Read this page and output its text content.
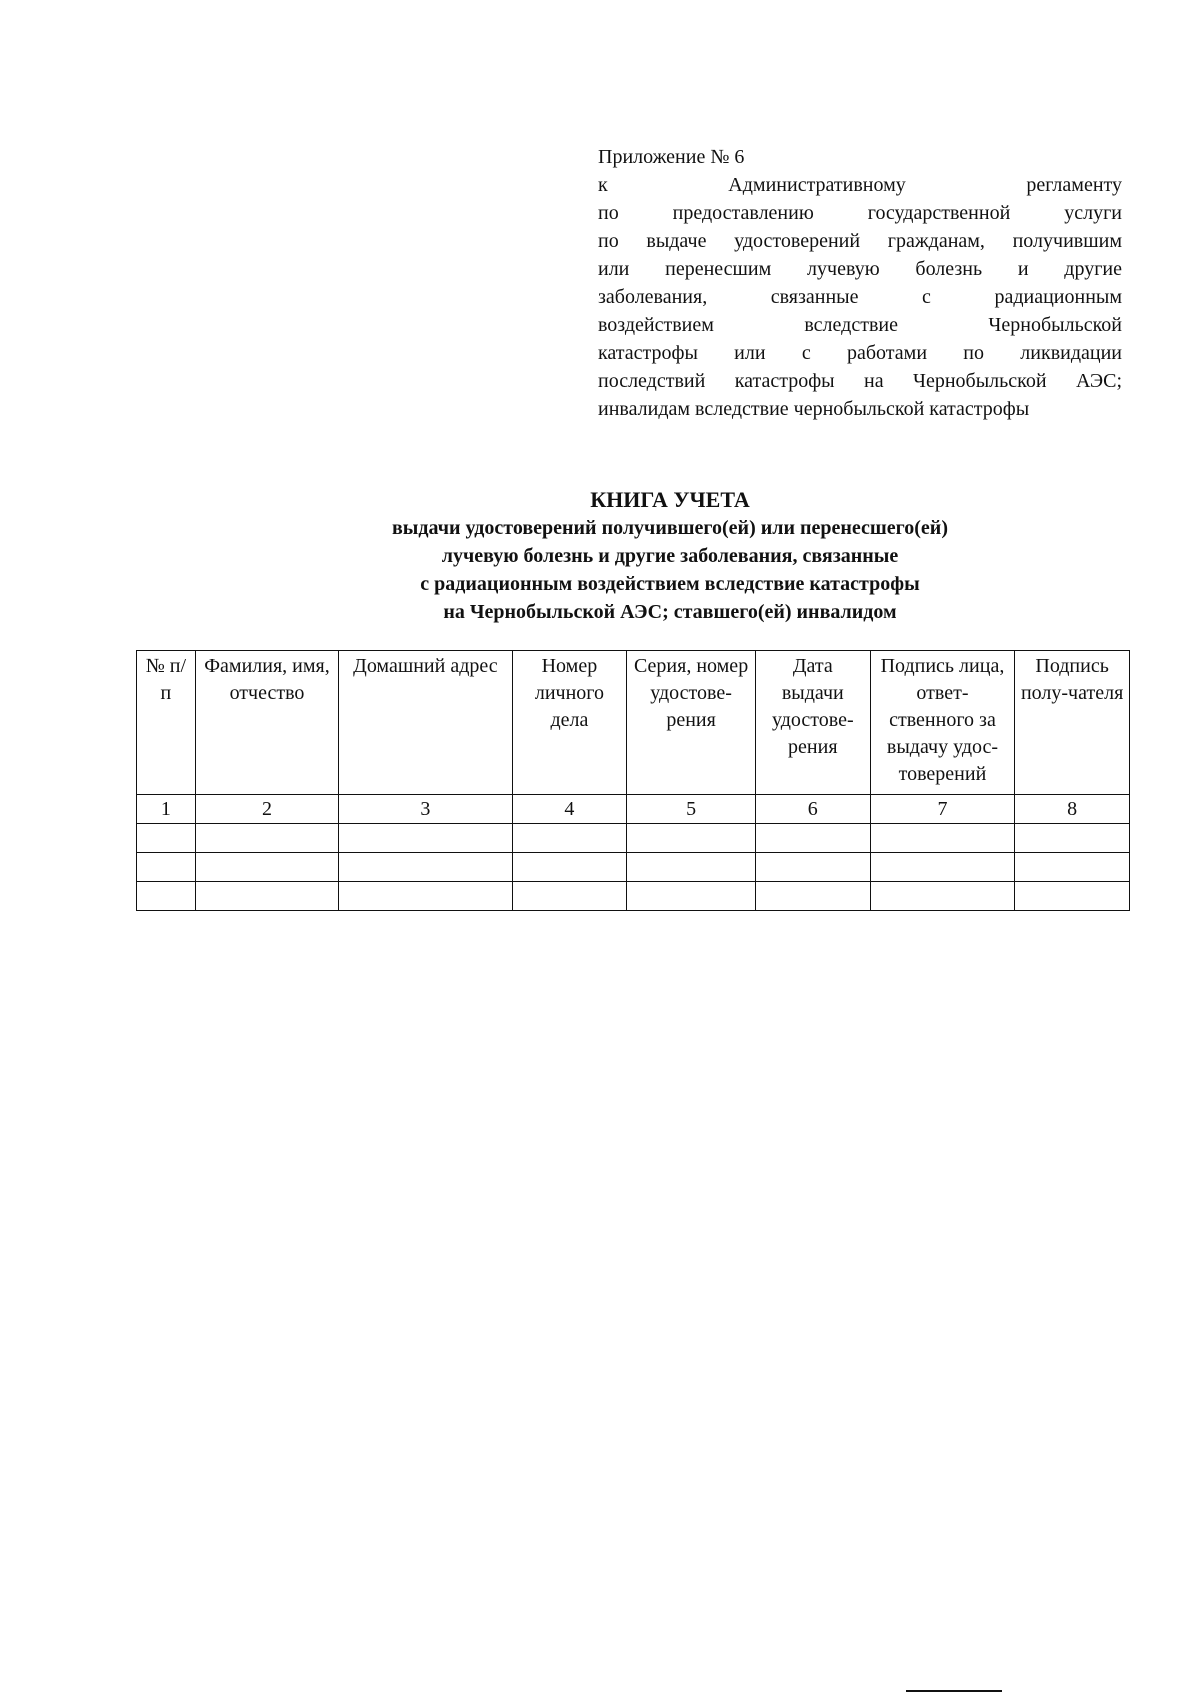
Приложение № 6
к Административному регламенту
по предоставлению государственной услуги
по выдаче удостоверений гражданам, получившим
или перенесшим лучевую болезнь и другие
заболевания, связанные с радиационным
воздействием вследствие Чернобыльской
катастрофы или с работами по ликвидации
последствий катастрофы на Чернобыльской АЭС;
инвалидам вследствие чернобыльской катастрофы
КНИГА УЧЕТА
выдачи удостоверений получившего(ей) или перенесшего(ей)
лучевую болезнь и другие заболевания, связанные
с радиационным воздействием вследствие катастрофы
на Чернобыльской АЭС; ставшего(ей) инвалидом
№ п/п	Фамилия, имя, отчество	Домашний адрес	Номер личного дела	Серия, номер удостове-рения	Дата выдачи удостове-рения	Подпись лица, ответ-ственного за выдачу удос-товерений	Подпись полу-чателя
1	2	3	4	5	6	7	8
